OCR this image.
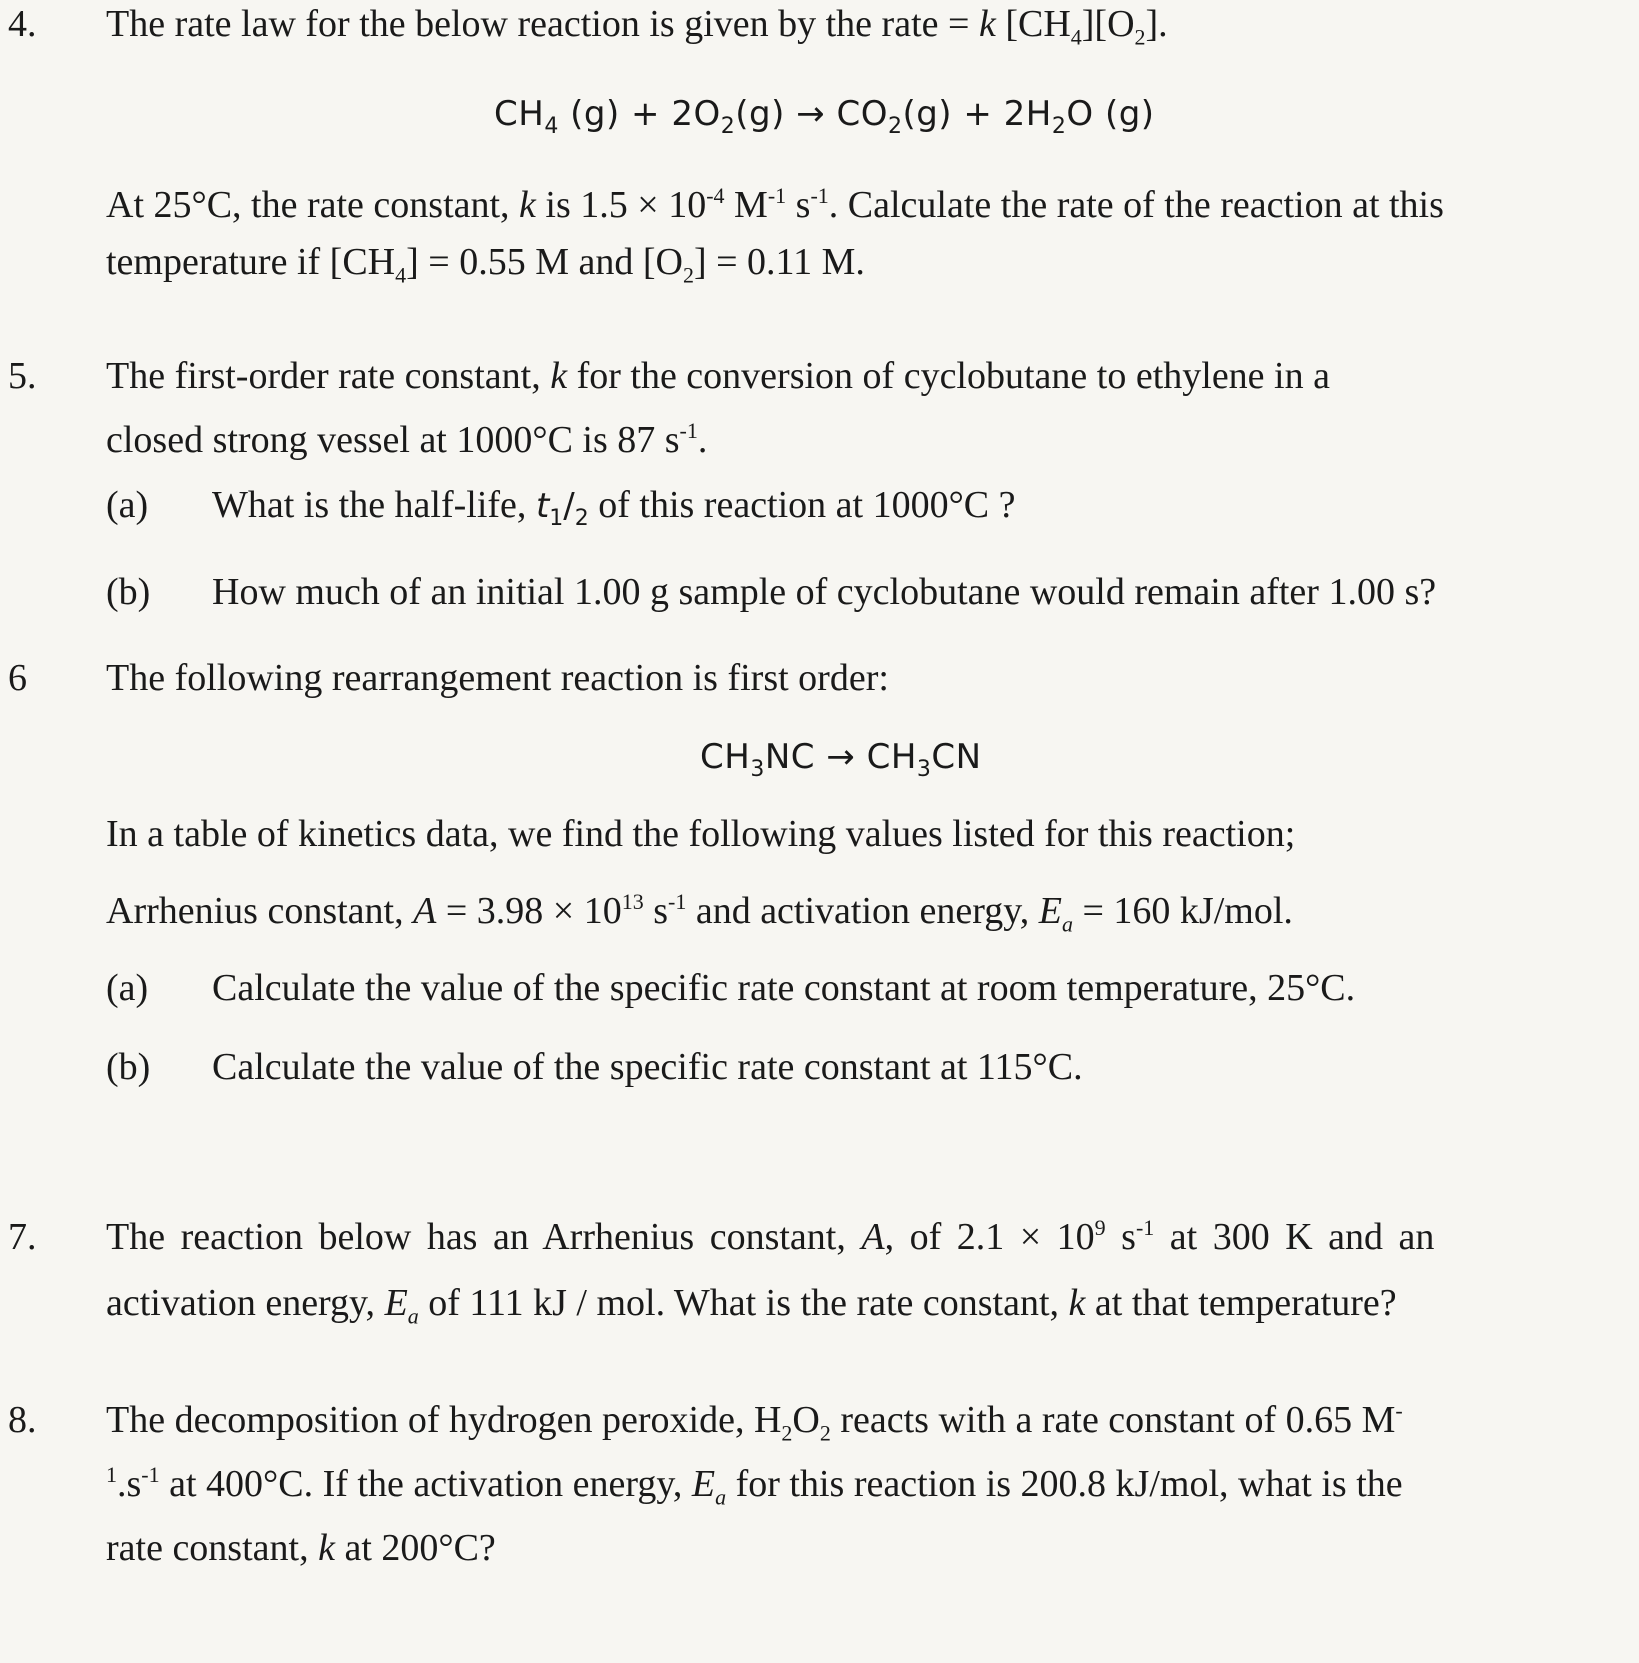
4. The rate law for the below reaction is given by the rate = k $[CH_4][O_2]$.
$CH_4$ $(g) + 2O_2(g) \to CO_2(g) + 2H_2O$ (g)
At 25°C, the rate constant, k is $1.5 \times 10^{-4}$ $M^{-1}$ $s^{-1}$. Calculate the rate of the reaction at this
temperature if $[CH_4] = 0.55$ M and $[O_2] = 0.11$ M.
5. The first-order rate constant, k for the conversion of cyclobutane to ethylene in a
closed strong vessel at 1000°C is 87 $s^{-1}$.
(a) What is the half-life, $t_1/_2$ of this reaction at 1000°C ?
(b) How much of an initial 1.00 g sample of cyclobutane would remain after 1.00 s?
6 The following rearrangement reaction is first order:
$CH_3NC \to CH_3CN$
In a table of kinetics data, we find the following values listed for this reaction;
Arrhenius constant, $A = 3.98 \times 10^{13}$ $s^{-1}$ and activation energy, $E_a = 160$ kJ/mol.
(a) Calculate the value of the specific rate constant at room temperature, 25°C.
(b) Calculate the value of the specific rate constant at 115°C.
7. The reaction below has an Arrhenius constant, A, of $2.1 \times 10^9$ $s^{-1}$ at 300 K and an
activation energy, $E_a$ of 111 kJ / mol. What is the rate constant, k at that temperature?
8. The decomposition of hydrogen peroxide, $H_2O_2$ reacts with a rate constant of 0.65 M-
$^1.s^{-1}$ at 400°C. If the activation energy, $E_a$ for this reaction is 200.8 kJ/mol, what is the
rate constant, k at 200°C?
